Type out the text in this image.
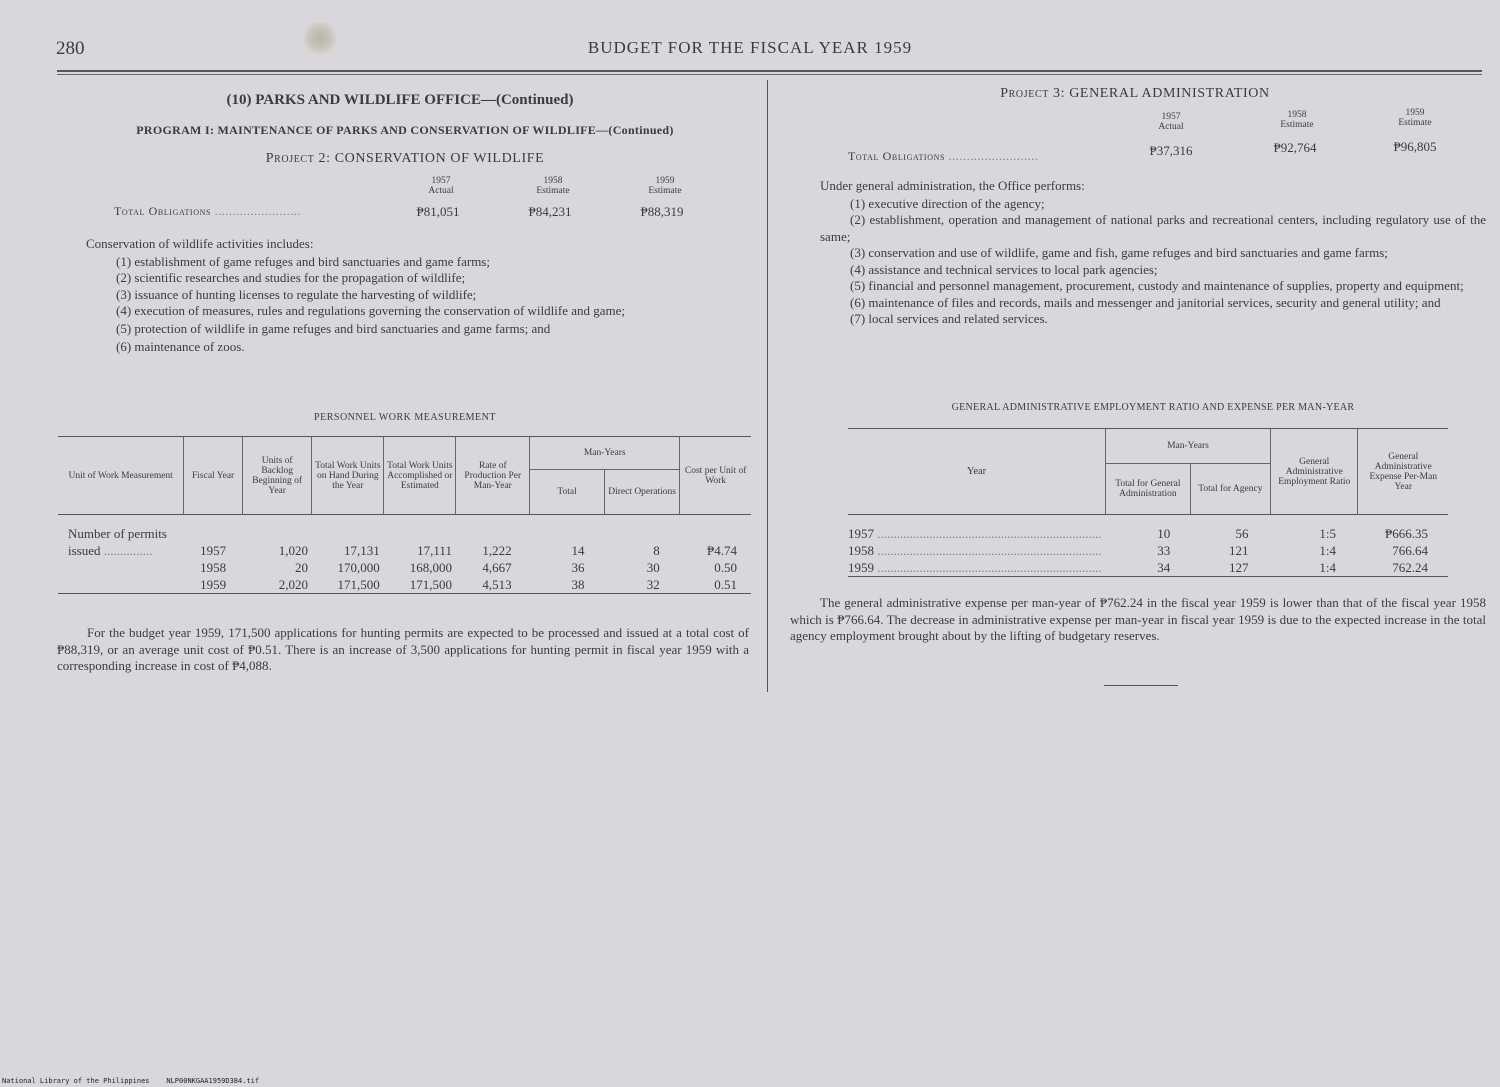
280	BUDGET FOR THE FISCAL YEAR 1959
(10) PARKS AND WILDLIFE OFFICE—(Continued)
PROGRAM I: MAINTENANCE OF PARKS AND CONSERVATION OF WILDLIFE—(Continued)
Project 2: CONSERVATION OF WILDLIFE
1957
Actual
1958
Estimate
1959
Estimate
Total Obligations ........................	₱81,051	₱84,231	₱88,319
Conservation of wildlife activities includes:
(1) establishment of game refuges and bird sanctuaries and game farms;
(2) scientific researches and studies for the propagation of wildlife;
(3) issuance of hunting licenses to regulate the harvesting of wildlife;
(4) execution of measures, rules and regulations governing the conservation of wildlife and game;
(5) protection of wildlife in game refuges and bird sanctuaries and game farms; and
(6) maintenance of zoos.
PERSONNEL WORK MEASUREMENT
Unit of Work Measurement	Fiscal Year	Units of Backlog Beginning of Year	Total Work Units on Hand During the Year	Total Work Units Accomplished or Estimated	Rate of Production Per Man-Year	Man-Years		Cost per Unit of Work
						Total	Direct Operations	

Number of permits								
issued ...............	1957	1,020	17,131	17,111	1,222	14	8	₱4.74
	1958	20	170,000	168,000	4,667	36	30	0.50
	1959	2,020	171,500	171,500	4,513	38	32	0.51
For the budget year 1959, 171,500 applications for hunting permits are expected to be processed and issued at a total cost of ₱88,319, or an average unit cost of ₱0.51. There is an increase of 3,500 applications for hunting permit in fiscal year 1959 with a corresponding increase in cost of ₱4,088.
Project 3: GENERAL ADMINISTRATION
1957
Actual
1958
Estimate
1959
Estimate
Total Obligations .........................	₱37,316	₱92,764	₱96,805
Under general administration, the Office performs:
(1) executive direction of the agency;
(2) establishment, operation and management of national parks and recreational centers, including regulatory use of the same;
(3) conservation and use of wildlife, game and fish, game refuges and bird sanctuaries and game farms;
(4) assistance and technical services to local park agencies;
(5) financial and personnel management, procurement, custody and maintenance of supplies, property and equipment;
(6) maintenance of files and records, mails and messenger and janitorial services, security and general utility; and
(7) local services and related services.
GENERAL ADMINISTRATIVE EMPLOYMENT RATIO AND EXPENSE PER MAN-YEAR
Year	Man-Years		General Administrative Employment Ratio	General Administrative Expense Per-Man Year
	Total for General Administration	Total for Agency		

1957 .....................................................................	10	56	1:5	₱666.35
1958 .....................................................................	33	121	1:4	766.64
1959 .....................................................................	34	127	1:4	762.24
The general administrative expense per man-year of ₱762.24 in the fiscal year 1959 is lower than that of the fiscal year 1958 which is ₱766.64. The decrease in administrative expense per man-year in fiscal year 1959 is due to the expected increase in the total agency employment brought about by the lifting of budgetary reserves.
National Library of the Philippines NLP00NKGAA1959D384.tif
